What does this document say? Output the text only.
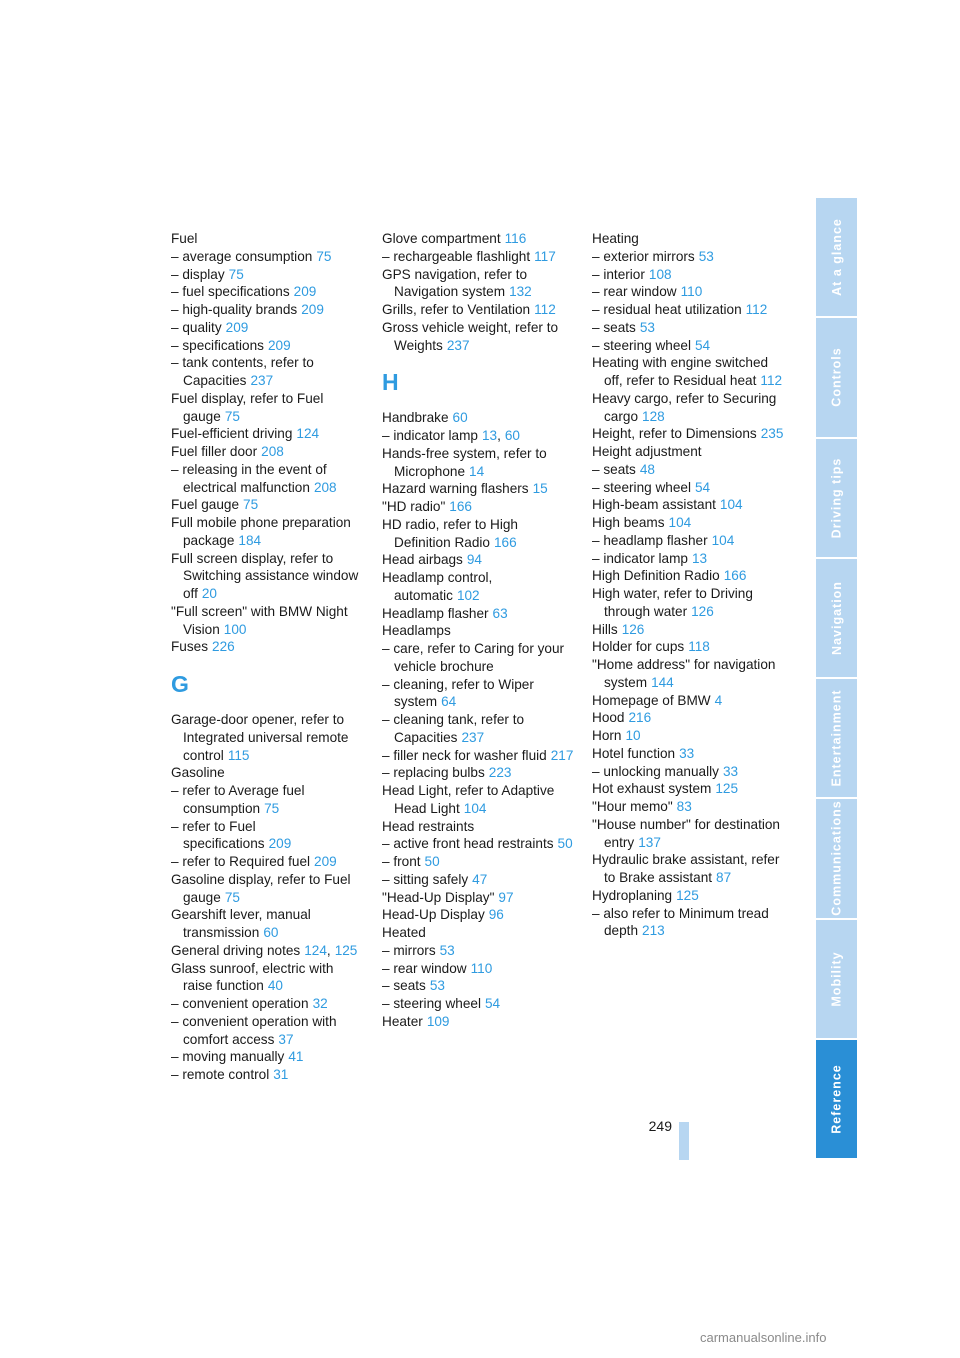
Fuel
– average consumption 75
– display 75
– fuel specifications 209
– high-quality brands 209
– quality 209
– specifications 209
– tank contents, refer to Capacities 237
Fuel display, refer to Fuel gauge 75
Fuel-efficient driving 124
Fuel filler door 208
– releasing in the event of electrical malfunction 208
Fuel gauge 75
Full mobile phone preparation package 184
Full screen display, refer to Switching assistance window off 20
"Full screen" with BMW Night Vision 100
Fuses 226
G
Garage-door opener, refer to Integrated universal remote control 115
Gasoline
– refer to Average fuel consumption 75
– refer to Fuel specifications 209
– refer to Required fuel 209
Gasoline display, refer to Fuel gauge 75
Gearshift lever, manual transmission 60
General driving notes 124, 125
Glass sunroof, electric with raise function 40
– convenient operation 32
– convenient operation with comfort access 37
– moving manually 41
– remote control 31
Glove compartment 116
– rechargeable flashlight 117
GPS navigation, refer to Navigation system 132
Grills, refer to Ventilation 112
Gross vehicle weight, refer to Weights 237
H
Handbrake 60
– indicator lamp 13, 60
Hands-free system, refer to Microphone 14
Hazard warning flashers 15
"HD radio" 166
HD radio, refer to High Definition Radio 166
Head airbags 94
Headlamp control, automatic 102
Headlamp flasher 63
Headlamps
– care, refer to Caring for your vehicle brochure
– cleaning, refer to Wiper system 64
– cleaning tank, refer to Capacities 237
– filler neck for washer fluid 217
– replacing bulbs 223
Head Light, refer to Adaptive Head Light 104
Head restraints
– active front head restraints 50
– front 50
– sitting safely 47
"Head-Up Display" 97
Head-Up Display 96
Heated
– mirrors 53
– rear window 110
– seats 53
– steering wheel 54
Heater 109
Heating
– exterior mirrors 53
– interior 108
– rear window 110
– residual heat utilization 112
– seats 53
– steering wheel 54
Heating with engine switched off, refer to Residual heat 112
Heavy cargo, refer to Securing cargo 128
Height, refer to Dimensions 235
Height adjustment
– seats 48
– steering wheel 54
High-beam assistant 104
High beams 104
– headlamp flasher 104
– indicator lamp 13
High Definition Radio 166
High water, refer to Driving through water 126
Hills 126
Holder for cups 118
"Home address" for navigation system 144
Homepage of BMW 4
Hood 216
Horn 10
Hotel function 33
– unlocking manually 33
Hot exhaust system 125
"Hour memo" 83
"House number" for destination entry 137
Hydraulic brake assistant, refer to Brake assistant 87
Hydroplaning 125
– also refer to Minimum tread depth 213
At a glance
Controls
Driving tips
Navigation
Entertainment
Communications
Mobility
Reference
249
carmanualsonline.info
